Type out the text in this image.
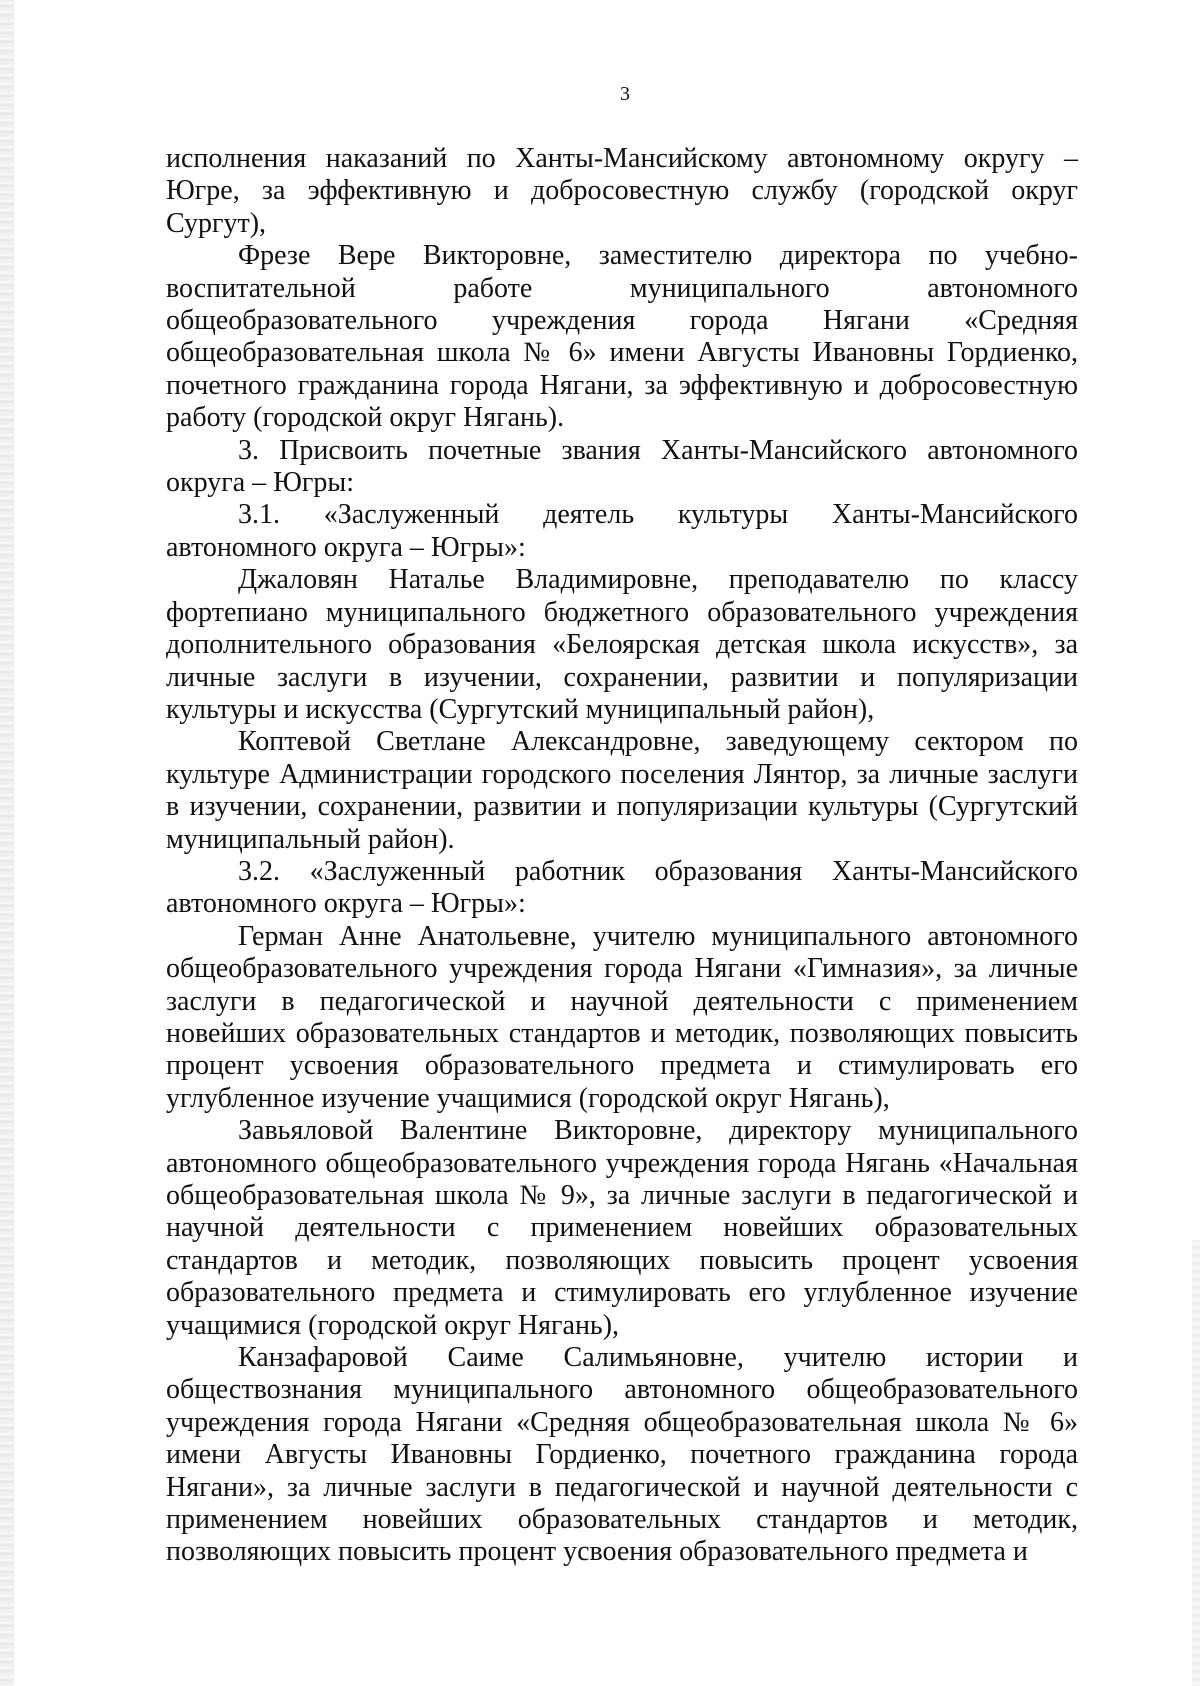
3

исполнения наказаний по Ханты-Мансийскому автономному округу – Югре, за эффективную и добросовестную службу (городской округ Сургут),

Фрезе Вере Викторовне, заместителю директора по учебно-воспитательной работе муниципального автономного общеобразовательного учреждения города Нягани «Средняя общеобразовательная школа № 6» имени Августы Ивановны Гордиенко, почетного гражданина города Нягани, за эффективную и добросовестную работу (городской округ Нягань).

3. Присвоить почетные звания Ханты-Мансийского автономного округа – Югры:

3.1. «Заслуженный деятель культуры Ханты-Мансийского автономного округа – Югры»:

Джаловян Наталье Владимировне, преподавателю по классу фортепиано муниципального бюджетного образовательного учреждения дополнительного образования «Белоярская детская школа искусств», за личные заслуги в изучении, сохранении, развитии и популяризации культуры и искусства (Сургутский муниципальный район),

Коптевой Светлане Александровне, заведующему сектором по культуре Администрации городского поселения Лянтор, за личные заслуги в изучении, сохранении, развитии и популяризации культуры (Сургутский муниципальный район).

3.2. «Заслуженный работник образования Ханты-Мансийского автономного округа – Югры»:

Герман Анне Анатольевне, учителю муниципального автономного общеобразовательного учреждения города Нягани «Гимназия», за личные заслуги в педагогической и научной деятельности с применением новейших образовательных стандартов и методик, позволяющих повысить процент усвоения образовательного предмета и стимулировать его углубленное изучение учащимися (городской округ Нягань),

Завьяловой Валентине Викторовне, директору муниципального автономного общеобразовательного учреждения города Нягань «Начальная общеобразовательная школа № 9», за личные заслуги в педагогической и научной деятельности с применением новейших образовательных стандартов и методик, позволяющих повысить процент усвоения образовательного предмета и стимулировать его углубленное изучение учащимися (городской округ Нягань),

Канзафаровой Саиме Салимьяновне, учителю истории и обществознания муниципального автономного общеобразовательного учреждения города Нягани «Средняя общеобразовательная школа № 6» имени Августы Ивановны Гордиенко, почетного гражданина города Нягани», за личные заслуги в педагогической и научной деятельности с применением новейших образовательных стандартов и методик, позволяющих повысить процент усвоения образовательного предмета и
